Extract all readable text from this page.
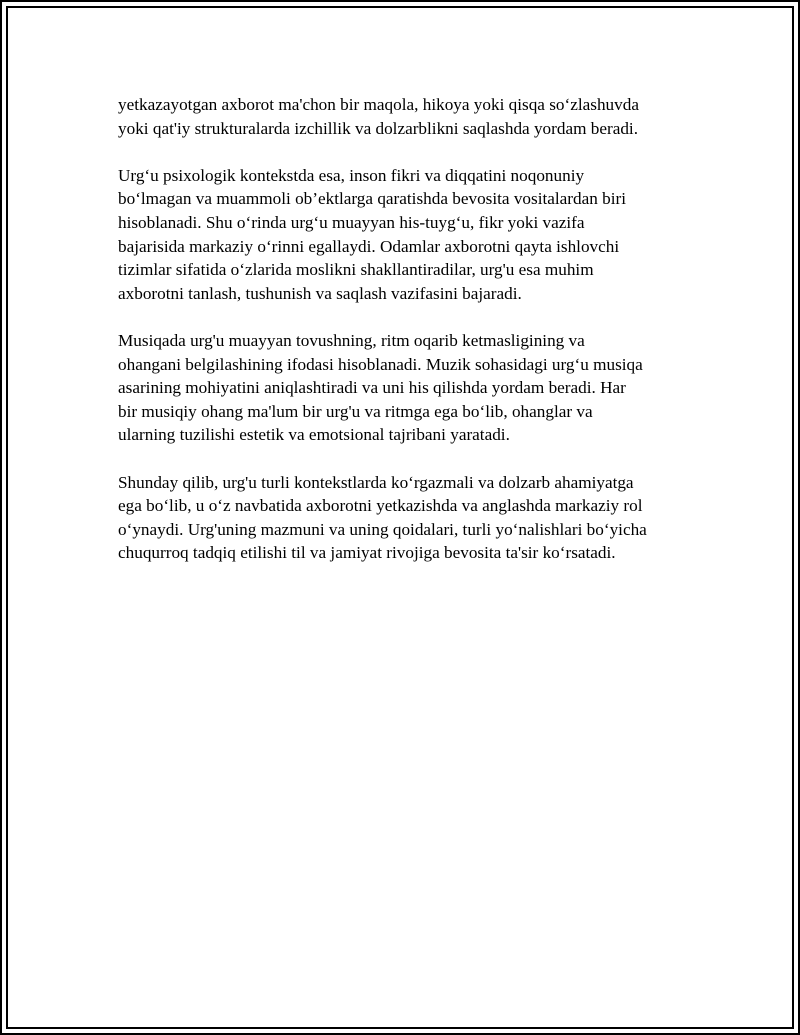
yetkazayotgan axborot ma'chon bir maqola, hikoya yoki qisqa so‘zlashuvda
yoki qat'iy strukturalarda izchillik va dolzarblikni saqlashda yordam beradi.

Urg‘u psixologik kontekstda esa, inson fikri va diqqatini noqonuniy
bo‘lmagan va muammoli ob’ektlarga qaratishda bevosita vositalardan biri
hisoblanadi. Shu o‘rinda urg‘u muayyan his-tuyg‘u, fikr yoki vazifa
bajarisida markaziy o‘rinni egallaydi. Odamlar axborotni qayta ishlovchi
tizimlar sifatida o‘zlarida moslikni shakllantiradilar, urg'u esa muhim
axborotni tanlash, tushunish va saqlash vazifasini bajaradi.

Musiqada urg'u muayyan tovushning, ritm oqarib ketmasligining va
ohangani belgilashining ifodasi hisoblanadi. Muzik sohasidagi urg‘u musiqa
asarining mohiyatini aniqlashtiradi va uni his qilishda yordam beradi. Har
bir musiqiy ohang ma'lum bir urg'u va ritmga ega bo‘lib, ohanglar va
ularning tuzilishi estetik va emotsional tajribani yaratadi.

Shunday qilib, urg'u turli kontekstlarda ko‘rgazmali va dolzarb ahamiyatga
ega bo‘lib, u o‘z navbatida axborotni yetkazishda va anglashda markaziy rol
o‘ynaydi. Urg'uning mazmuni va uning qoidalari, turli yo‘nalishlari bo‘yicha
chuqurroq tadqiq etilishi til va jamiyat rivojiga bevosita ta'sir ko‘rsatadi.
